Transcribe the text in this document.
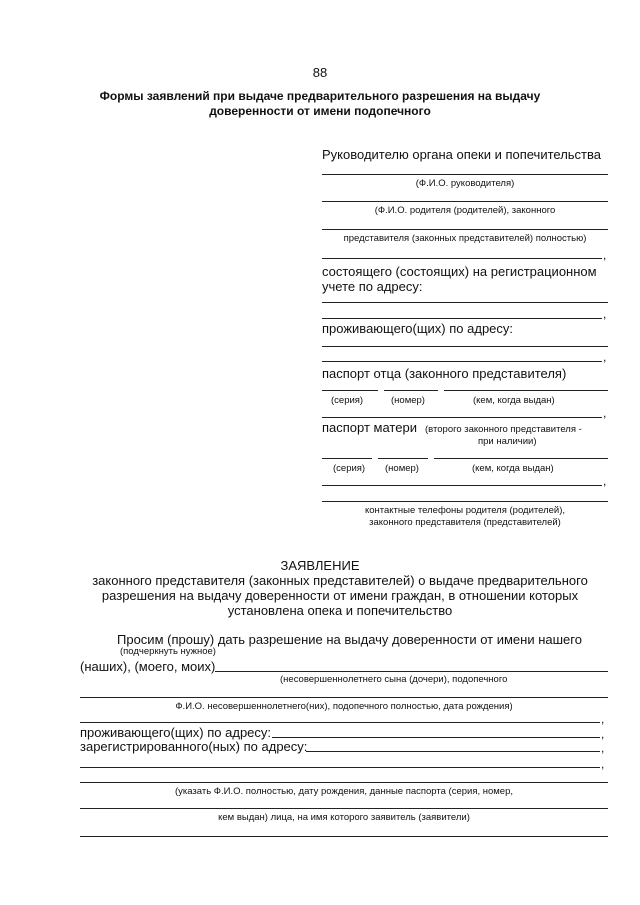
88
Формы заявлений при выдаче предварительного разрешения на выдачу
доверенности от имени подопечного
Руководителю органа опеки и попечительства
(Ф.И.О. руководителя)
(Ф.И.О. родителя (родителей), законного
представителя (законных представителей) полностью)
,
состоящего (состоящих) на регистрационном
учете по адресу:
,
проживающего(щих) по адресу:
,
паспорт отца (законного представителя)
(серия)	(номер)	(кем, когда выдан)
,
паспорт матери (второго законного представителя -
при наличии)
(серия) (номер)	(кем, когда выдан)
,
контактные телефоны родителя (родителей),
законного представителя (представителей)
ЗАЯВЛЕНИЕ
законного представителя (законных представителей) о выдаче предварительного
разрешения на выдачу доверенности от имени граждан, в отношении которых
установлена опека и попечительство
Просим (прошу) дать разрешение на выдачу доверенности от имени нашего
(подчеркнуть нужное)
(наших), (моего, моих)
(несовершеннолетнего сына (дочери), подопечного
Ф.И.О. несовершеннолетнего(них), подопечного полностью, дата рождения)
,
проживающего(щих) по адресу:	,
зарегистрированного(ных) по адресу:	,
,
(указать Ф.И.О. полностью, дату рождения, данные паспорта (серия, номер,
кем выдан) лица, на имя которого заявитель (заявители)
